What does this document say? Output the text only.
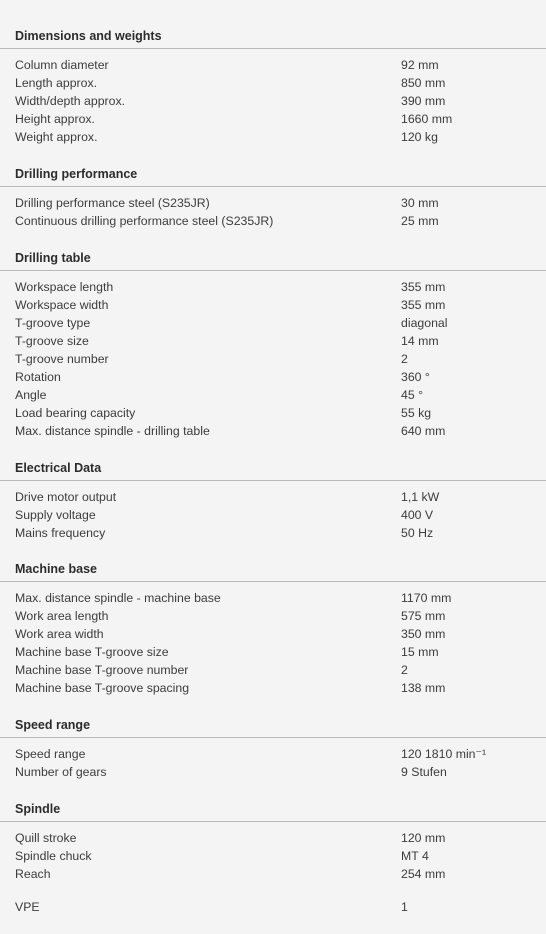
Dimensions and weights
Column diameter	92 mm
Length approx.	850 mm
Width/depth approx.	390 mm
Height approx.	1660 mm
Weight approx.	120 kg
Drilling performance
Drilling performance steel (S235JR)	30 mm
Continuous drilling performance steel (S235JR)	25 mm
Drilling table
Workspace length	355 mm
Workspace width	355 mm
T-groove type	diagonal
T-groove size	14 mm
T-groove number	2
Rotation	360 °
Angle	45 °
Load bearing capacity	55 kg
Max. distance spindle - drilling table	640 mm
Electrical Data
Drive motor output	1,1 kW
Supply voltage	400 V
Mains frequency	50 Hz
Machine base
Max. distance spindle - machine base	1170 mm
Work area length	575 mm
Work area width	350 mm
Machine base T-groove size	15 mm
Machine base T-groove number	2
Machine base T-groove spacing	138 mm
Speed range
Speed range	120 1810 min⁻¹
Number of gears	9 Stufen
Spindle
Quill stroke	120 mm
Spindle chuck	MT 4
Reach	254 mm
VPE	1
